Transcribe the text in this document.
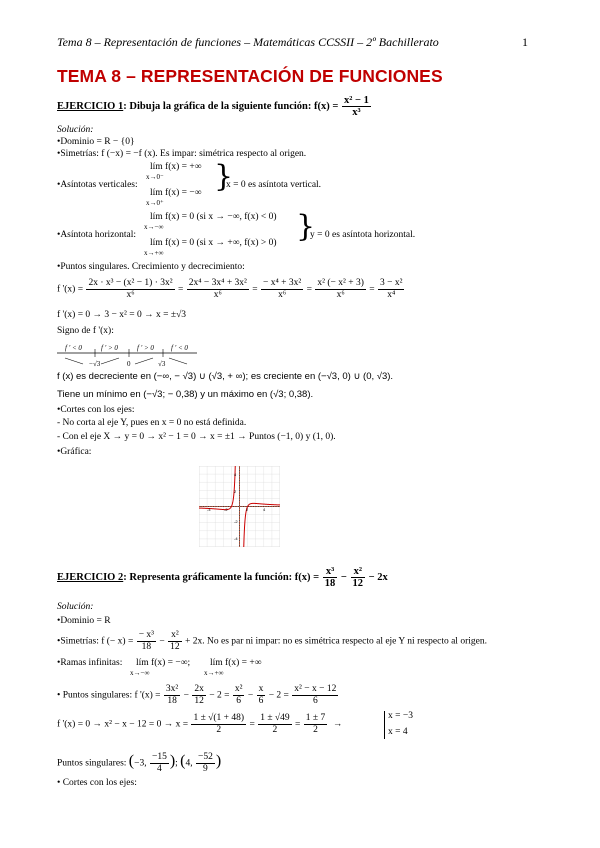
Tema 8 – Representación de funciones – Matemáticas CCSSII – 2º Bachillerato	1
TEMA 8 – REPRESENTACIÓN DE FUNCIONES
EJERCICIO 1: Dibuja la gráfica de la siguiente función: $f(x) = \frac{\text{x² − 1}}{\text{x³}}$
Solución:
•Dominio = R − {0}
•Simetrías: f (−x) = −f (x). Es impar: simétrica respecto al origen.
•Asíntotas verticales:
lím f(x) = +∞
x→0⁻
lím f(x) = −∞
x→0⁺
}
x = 0 es asíntota vertical.
•Asíntota horizontal:
lím f(x) = 0 (si x → −∞, f(x) < 0)
x→−∞
lím f(x) = 0 (si x → +∞, f(x) > 0)
x→+∞
}
y = 0 es asíntota horizontal.
•Puntos singulares. Crecimiento y decrecimiento:
f '$(x) = \frac{\text{2x · x³ − (x² − 1) · 3x²}}{\text{x⁶}} = \frac{\text{2x⁴ − 3x⁴ + 3x²}}{\text{x⁶}} = \frac{\text{− x⁴ + 3x²}}{\text{x⁶}} = \frac{\text{x² (− x² + 3)}}{\text{x⁶}} = \frac{\text{3 − x²}}{\text{x⁴}}$
f '(x) = 0 → 3 − x² = 0 → x = ±√3
Signo de f '(x):
f ' < 0	f ' > 0	f ' > 0 f ' < 0
−√3	0	√3
f (x) es decreciente en (−∞, − √3) ∪ (√3, + ∞); es creciente en (−√3, 0) ∪ (0, √3).
Tiene un mínimo en (−√3; − 0,38) y un máximo en (√3; 0,38).
•Cortes con los ejes:
- No corta al eje Y, pues en x = 0 no está definida.
- Con el eje X → y = 0 → x² − 1 = 0 → x = ±1 → Puntos (−1, 0) y (1, 0).
•Gráfica:
-4	-2	2	4
4
2
-2
-4
EJERCICIO 2: Representa gráficamente la función: $f(x) = \frac{\text{x³}}{18} - \frac{\text{x²}}{12} - 2x$
Solución:
•Dominio = R
•Simetrías: f (− $x) = \frac{\text{− x³}}{18} - \frac{\text{x²}}{12} + 2x$. No es par ni impar: no es simétrica respecto al eje Y ni respecto al origen.
•Ramas infinitas: lím f(x) = −∞;
x→−∞
lím f(x) = +∞
x→+∞
• Puntos singulares: f '$(x) = \frac{\text{3x²}}{18} - \frac{2x}{12} - 2 = \frac{\text{x²}}{6} - \frac{x}{6} - 2 = \frac{\text{x² − x − 12}}{6}$
f '$(x) = 0 \to x^2 - x - 12 = 0 \to x = \frac{1 \pm √(1 + 48)}{2} = \frac{1 \pm √49}{2} = \frac{1 \pm 7}{2}$ →
x = −3
x = 4
Puntos singulares: (−3, $\frac{-15}{4}$ ); (4, $\frac{-52}{9}$ )
• Cortes con los ejes:
